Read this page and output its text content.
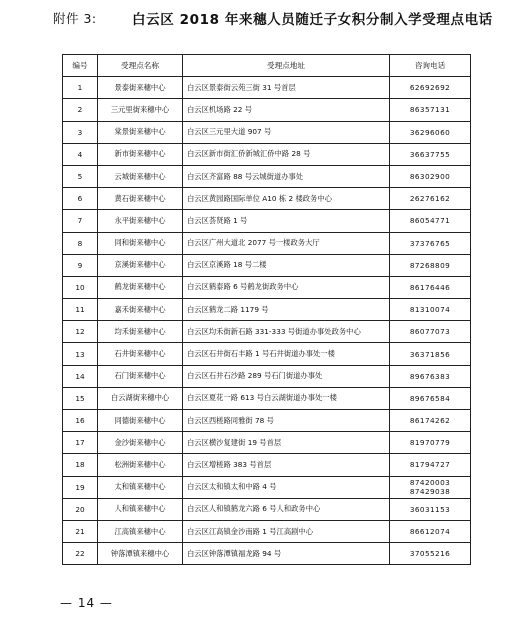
附件 3:	白云区 2018 年来穗人员随迁子女积分制入学受理点电话
编号	受理点名称	受理点地址	咨询电话
1	景泰街来穗中心	白云区景泰街云苑三街 31 号首层	62692692
2	三元里街来穗中心	白云区机场路 22 号	86357131
3	棠景街来穗中心	白云区三元里大道 907 号	36296060
4	新市街来穗中心	白云区新市街汇侨新城汇侨中路 28 号	36637755
5	云城街来穗中心	白云区齐富路 88 号云城街道办事处	86302900
6	黄石街来穗中心	白云区黄园路国际单位 A10 栋 2 楼政务中心	26276162
7	永平街来穗中心	白云区荟贤路 1 号	86054771
8	同和街来穗中心	白云区广州大道北 2077 号一楼政务大厅	37376765
9	京溪街来穗中心	白云区京溪路 18 号二楼	87268809
10	鹤龙街来穗中心	白云区鹤泰路 6 号鹤龙街政务中心	86176446
11	嘉禾街来穗中心	白云区鹤龙二路 1179 号	81310074
12	均禾街来穗中心	白云区均禾街新石路 331-333 号街道办事处政务中心	86077073
13	石井街来穗中心	白云区石井街石丰路 1 号石井街道办事处一楼	36371856
14	石门街来穗中心	白云区石井石沙路 289 号石门街道办事处	89676383
15	白云湖街来穗中心	白云区夏花一路 613 号白云湖街道办事处一楼	89676584
16	同德街来穗中心	白云区西槎路同雅街 78 号	86174262
17	金沙街来穗中心	白云区横沙复建街 19 号首层	81970779
18	松洲街来穗中心	白云区增槎路 383 号首层	81794727
19	太和镇来穗中心	白云区太和镇太和中路 4 号	87420003
87429038

20	人和镇来穗中心	白云区人和镇鹤龙六路 6 号人和政务中心	36031153
21	江高镇来穗中心	白云区江高镇金沙南路 1 号江高剧中心	86612074
22	钟落潭镇来穗中心	白云区钟落潭镇福龙路 94 号	37055216
— 14 —
